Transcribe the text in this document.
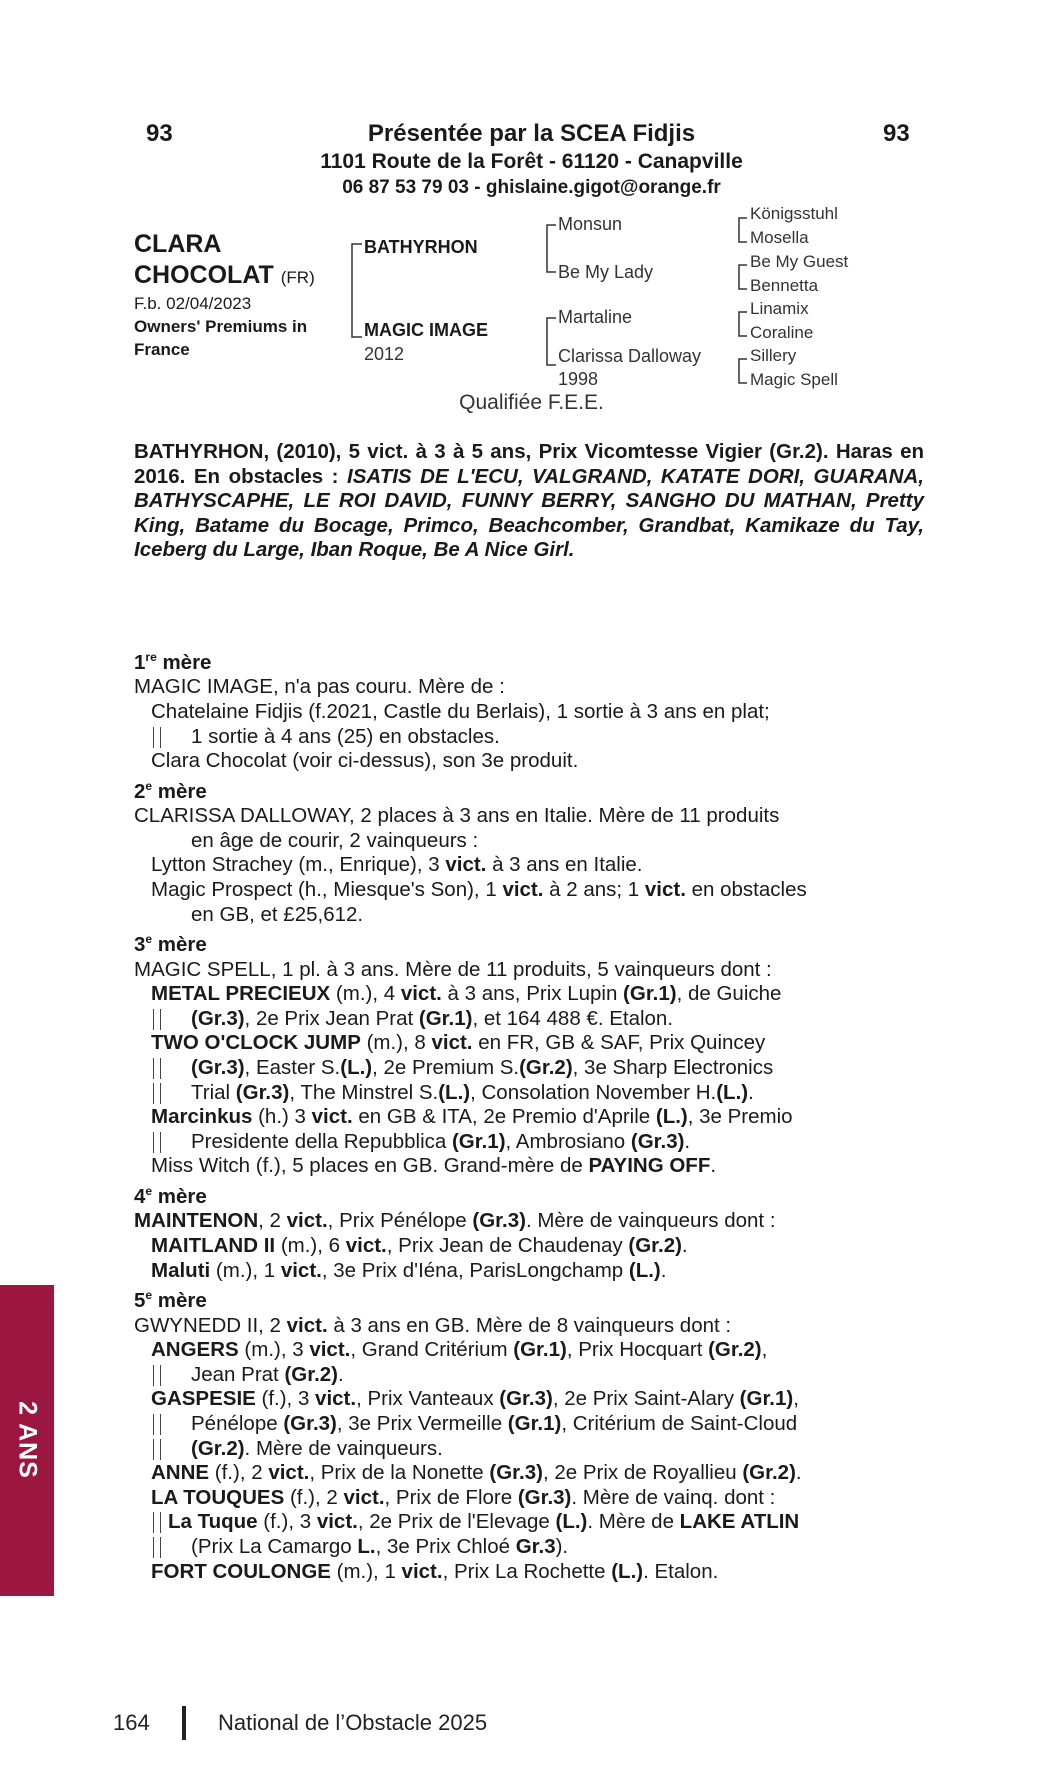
93	Présentée par la SCEA Fidjis	93
1101 Route de la Forêt - 61120 - Canapville
06 87 53 79 03 - ghislaine.gigot@orange.fr
CLARA
CHOCOLAT (FR)
F.b. 02/04/2023
Owners' Premiums in
France
BATHYRHON
MAGIC IMAGE
2012
Monsun
Be My Lady
Martaline
Clarissa Dalloway
1998
Königsstuhl
Mosella
Be My Guest
Bennetta
Linamix
Coraline
Sillery
Magic Spell
Qualifiée F.E.E.
BATHYRHON, (2010), 5 vict. à 3 à 5 ans, Prix Vicomtesse Vigier (Gr.2). Haras en 2016. En obstacles : ISATIS DE L'ECU, VALGRAND, KATATE DORI, GUARANA, BATHYSCAPHE, LE ROI DAVID, FUNNY BERRY, SANGHO DU MATHAN, Pretty King, Batame du Bocage, Primco, Beachcomber, Grandbat, Kamikaze du Tay, Iceberg du Large, Iban Roque, Be A Nice Girl.
1re mère
MAGIC IMAGE, n'a pas couru. Mère de :
Chatelaine Fidjis (f.2021, Castle du Berlais), 1 sortie à 3 ans en plat;
1 sortie à 4 ans (25) en obstacles.
Clara Chocolat (voir ci-dessus), son 3e produit.
2e mère
CLARISSA DALLOWAY, 2 places à 3 ans en Italie. Mère de 11 produits
en âge de courir, 2 vainqueurs :
Lytton Strachey (m., Enrique), 3 vict. à 3 ans en Italie.
Magic Prospect (h., Miesque's Son), 1 vict. à 2 ans; 1 vict. en obstacles
en GB, et £25,612.
3e mère
MAGIC SPELL, 1 pl. à 3 ans. Mère de 11 produits, 5 vainqueurs dont :
METAL PRECIEUX (m.), 4 vict. à 3 ans, Prix Lupin (Gr.1), de Guiche
(Gr.3), 2e Prix Jean Prat (Gr.1), et 164 488 €. Etalon.
TWO O'CLOCK JUMP (m.), 8 vict. en FR, GB & SAF, Prix Quincey
(Gr.3), Easter S.(L.), 2e Premium S.(Gr.2), 3e Sharp Electronics
Trial (Gr.3), The Minstrel S.(L.), Consolation November H.(L.).
Marcinkus (h.) 3 vict. en GB & ITA, 2e Premio d'Aprile (L.), 3e Premio
Presidente della Repubblica (Gr.1), Ambrosiano (Gr.3).
Miss Witch (f.), 5 places en GB. Grand-mère de PAYING OFF.
4e mère
MAINTENON, 2 vict., Prix Pénélope (Gr.3). Mère de vainqueurs dont :
MAITLAND II (m.), 6 vict., Prix Jean de Chaudenay (Gr.2).
Maluti (m.), 1 vict., 3e Prix d'Iéna, ParisLongchamp (L.).
5e mère
GWYNEDD II, 2 vict. à 3 ans en GB. Mère de 8 vainqueurs dont :
ANGERS (m.), 3 vict., Grand Critérium (Gr.1), Prix Hocquart (Gr.2),
Jean Prat (Gr.2).
GASPESIE (f.), 3 vict., Prix Vanteaux (Gr.3), 2e Prix Saint-Alary (Gr.1),
Pénélope (Gr.3), 3e Prix Vermeille (Gr.1), Critérium de Saint-Cloud
(Gr.2). Mère de vainqueurs.
ANNE (f.), 2 vict., Prix de la Nonette (Gr.3), 2e Prix de Royallieu (Gr.2).
LA TOUQUES (f.), 2 vict., Prix de Flore (Gr.3). Mère de vainq. dont :
La Tuque (f.), 3 vict., 2e Prix de l'Elevage (L.). Mère de LAKE ATLIN
(Prix La Camargo L., 3e Prix Chloé Gr.3).
FORT COULONGE (m.), 1 vict., Prix La Rochette (L.). Etalon.
2 ANS
164	National de l’Obstacle 2025
